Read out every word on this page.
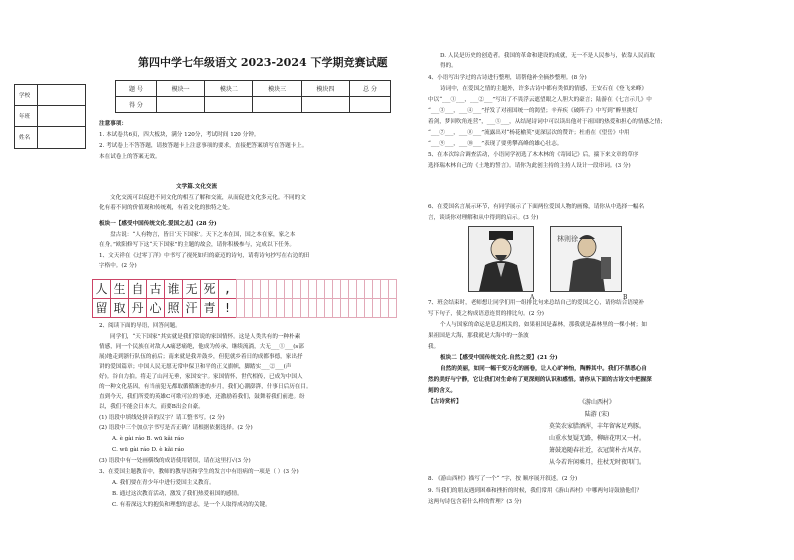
第四中学七年级语文 2023-2024 下学期竞赛试题
学校
年班
姓名
题 号	模块一	模块二	模块三	模块四	总 分
得 分					
注意事项：
1. 本试卷共6页，四大板块，满分 120分，考试时间 120 分钟。
2. 考试卷上不答答题，请按答题卡上注意事项的要求，直接把答案填写在答题卡上。
本在试卷上的答案无效。
文学篇.文化交流
文化交流可以促进不同文化的相互了解和交流，从而促进文化多元化。不同的文
化有着不同的价值观和传统观，有着文化的独特之处。
板块一【感受中国传统文化.爱国之志】(28 分)
盘古说：“人有物言，皆日‘天下国家’。天下之本在国，国之本在家，家之本
在身。”欧阳修写下这“天下国家”的主题的故会，请你积极参与，完成以下任务。
1、文天祥在《过零丁洋》中书写了视死如归的豪迈的诗句，请将诗句抄写在右边的田
字格中。(2 分)
人 生 自 古 谁 无 死 ,
留 取 丹 心 照 汗 青 !
2、阅读下面的导语，回答问题。
同学们，“天下国家”其实就是我们常说的家国情怀。这是人类共有的一种朴素
情感，同一个民族在对敌人A痛恶痛绝，他成为传承，继续流淌，大无___①___(s部
展)地走到浙行队伍的前后；南来就是我并鼓乡，但犯就乡着日的成都事德，家出抒
讲的爱国篇章；中国人民无愿无常申保卫和平的正义旗帜，脚踏实___②___(声
好)。谷自力拍。将走了山河无垂，家国安宇。家国情怀，世代相传，已成为中国人
的一种文化基因，有当前犯无都取循循渐进的步月，我们心潮澎湃，什事日后历在目。
直到今天，我们所爱的英雄C可歌可泣的事迹，还激励着我们，鼓舞着我们前进。纷
以，我们不能会日本大，而要B出会自豪。
(1) 语段中填线处拼音的汉字？请工整书写。(2 分)
(2) 语段中三个加点字书写是否正确？请根据依据选择。(2 分)
A. è gài ráo B. wū kǎi ráo
C. wū gài ráo D. è kǎi ráo
(3) 语段中有一处画横线的成语使用错误，请在这里打√(3 分)
3、在爱国主题教育中，教师的教导语和学生的发言中有语病的一项是（ ）(3 分)
A. 我们要在青少年中进行爱国主义教育。
B. 通过这次教育活动，激发了我们热爱祖国的感情。
C. 有着深远大的抱负和理想的意志，是一个人取得成功的关键。
D. 人民是历史的创造者。我国的革命和建设的成就，无一不是人民参与，依靠人民而取
得的。
4、小语写出学过的古诗进行整理，请帮他补全摘抄整理。(8 分)
诗词中，在爱国之情的主题外，许多古诗中都有类似的情感，王安石在《登飞来峰》
中以“___①___，___②___”写出了不畏浮云遮望眼之人胆大的豪言；陆游在《七言示儿》中
“___③___，___④___”抒发了对祖国统一的渴望；辛弃疾《破阵子》中写到“醉里挑灯
着剑，梦回吹角连营”，___⑤___，从结尾诗词中可以读出他对于祖国的热爱和担心的情感之情；
“___⑦___，___⑧___”流露出对“杨花榆荚”更深层次的赞许；杜甫在《望岳》中用
“___⑨___，___⑩___”表现了要勇攀高峰的雄心壮志。
5、在本次综合调查活动，小语同学初选了木木林的《寄园记》后，揣下来文章的草序
选择瑞木林自己的《土地的誓言》。请你为此创主持的主持人设计一段串词。(3 分)
6、在爱国名言展示环节，有同学展示了下面两位爱国人物的画像，请你从中选择一幅名
言，谈谈你对理解和从中得到的启示。(3 分)
A
林则徐
B
7、班会结束时，老师想让同学们用一组排比句来总结自己的爱国之心，请你结合语境补
写下句子，使之构成语意连贯的排比句。(2 分)
个人与国家的命运是息息相关的，如果祖国是森林，那我就是森林里的一棵小树；如
果祖国是大海，那我就是大海中的一条波
我。
板块二【感受中国传统文化.自然之爱】(21 分)
自然的美丽，如同一幅千变万化的画卷，让人心旷神怡，陶醉其中。我们不禁悉心自
然的美好与宁静，它让我们对生命有了更深刻的认识和感悟。请你从下面的古诗文中把握深
刻的含义。
【古诗赏析】	《游山西村》
陆游 (宋)
莫笑农家腊酒浑，丰年留客足鸡豚。
山重水复疑无路，柳暗花明又一村。
箫鼓追随春社近，衣冠简朴古风存。
从今若许闲乘月，拄杖无时夜叩门。
8. 《游山西村》描写了一个“ ”字，按 顺序展开叙述。(2 分)
9. 当我们的朋友遇到困难和挫折的时候，我们常用《游山西村》中哪两句诗鼓励他们？
这两句诗包含着什么样的哲理？(3 分)
